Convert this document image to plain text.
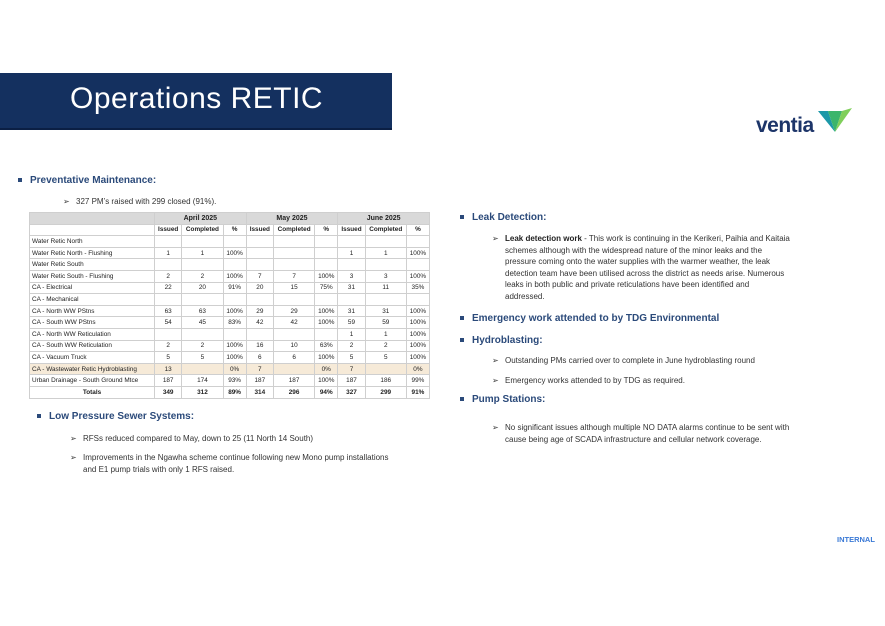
Operations RETIC
ventia
Preventative Maintenance:
➢ 327 PM’s raised with 299 closed (91%).
	April 2025			May 2025			June 2025		
	Issued	Completed	%	Issued	Completed	%	Issued	Completed	%
Water Retic North									
Water Retic North - Flushing	1	1	100%				1	1	100%
Water Retic South									
Water Retic South - Flushing	2	2	100%	7	7	100%	3	3	100%
CA - Electrical	22	20	91%	20	15	75%	31	11	35%
CA - Mechanical									
CA - North WW PStns	63	63	100%	29	29	100%	31	31	100%
CA - South WW PStns	54	45	83%	42	42	100%	59	59	100%
CA - North WW Reticulation							1	1	100%
CA - South WW Reticulation	2	2	100%	16	10	63%	2	2	100%
CA - Vacuum Truck	5	5	100%	6	6	100%	5	5	100%
CA - Wastewater Retic Hydroblasting	13		0%	7		0%	7		0%
Urban Drainage - South Ground Mtce	187	174	93%	187	187	100%	187	186	99%
Totals	349	312	89%	314	296	94%	327	299	91%
Low Pressure Sewer Systems:
➢ RFSs reduced compared to May, down to 25 (11 North 14 South)
➢ Improvements in the Ngawha scheme continue following new Mono pump installations
and E1 pump trials with only 1 RFS raised.
Leak Detection:
➢ Leak detection work - This work is continuing in the Kerikeri, Paihia and Kaitaia
schemes although with the widespread nature of the minor leaks and the
pressure coming onto the water supplies with the warmer weather, the leak
detection team have been utilised across the district as needs arise. Numerous
leaks in both public and private reticulations have been identified and
addressed.
Emergency work attended to by TDG Environmental
Hydroblasting:
➢ Outstanding PMs carried over to complete in June hydroblasting round
➢ Emergency works attended to by TDG as required.
Pump Stations:
➢ No significant issues although multiple NO DATA alarms continue to be sent with
cause being age of SCADA infrastructure and cellular network coverage.
INTERNAL
